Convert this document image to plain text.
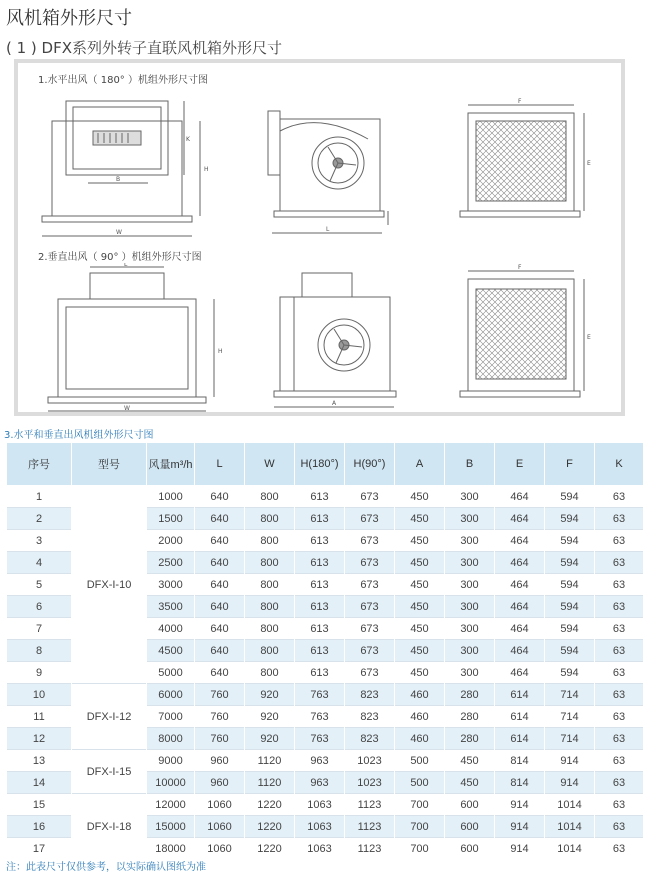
风机箱外形尺寸
( 1 ) DFX系列外转子直联风机箱外形尺寸
1.水平出风（ 180° ）机组外形尺寸图
2.垂直出风（ 90° ）机组外形尺寸图
W
H
K
B
L
F
E
L
W
H
A
F
E
3.水平和垂直出风机组外形尺寸图
序号	型号	风量m³/h	L	W	H(180°)	H(90°)	A	B	E	F	K
1	DFX-I-10	1000	640	800	613	673	450	300	464	594	63
2		1500	640	800	613	673	450	300	464	594	63
3		2000	640	800	613	673	450	300	464	594	63
4		2500	640	800	613	673	450	300	464	594	63
5		3000	640	800	613	673	450	300	464	594	63
6		3500	640	800	613	673	450	300	464	594	63
7		4000	640	800	613	673	450	300	464	594	63
8		4500	640	800	613	673	450	300	464	594	63
9		5000	640	800	613	673	450	300	464	594	63
10	DFX-I-12	6000	760	920	763	823	460	280	614	714	63
11		7000	760	920	763	823	460	280	614	714	63
12		8000	760	920	763	823	460	280	614	714	63
13	DFX-I-15	9000	960	1120	963	1023	500	450	814	914	63
14		10000	960	1120	963	1023	500	450	814	914	63
15	DFX-I-18	12000	1060	1220	1063	1123	700	600	914	1014	63
16		15000	1060	1220	1063	1123	700	600	914	1014	63
17		18000	1060	1220	1063	1123	700	600	914	1014	63
注：此表尺寸仅供参考，以实际确认图纸为准
